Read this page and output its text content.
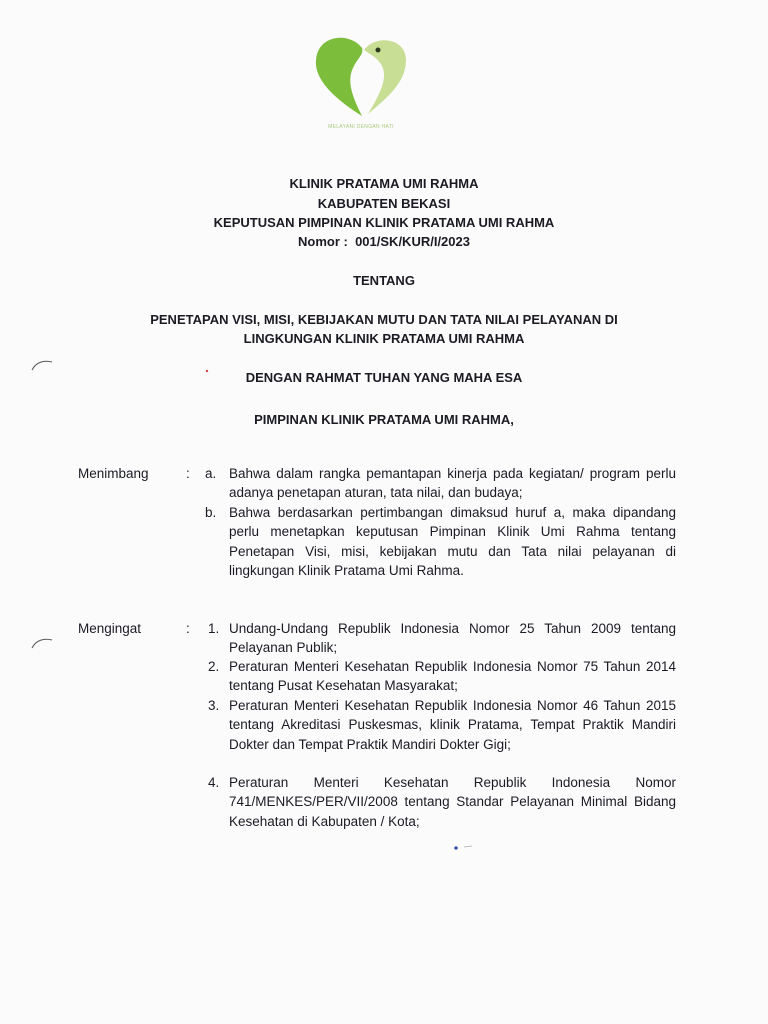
MELAYANI DENGAN HATI
KLINIK PRATAMA UMI RAHMA
KABUPATEN BEKASI
KEPUTUSAN PIMPINAN KLINIK PRATAMA UMI RAHMA
Nomor : 001/SK/KUR/I/2023
TENTANG
PENETAPAN VISI, MISI, KEBIJAKAN MUTU DAN TATA NILAI PELAYANAN DI
LINGKUNGAN KLINIK PRATAMA UMI RAHMA
DENGAN RAHMAT TUHAN YANG MAHA ESA
PIMPINAN KLINIK PRATAMA UMI RAHMA,
Menimbang	: a. Bahwa dalam rangka pemantapan kinerja pada kegiatan/ program perlu adanya penetapan aturan, tata nilai, dan budaya;
b. Bahwa berdasarkan pertimbangan dimaksud huruf a, maka dipandang perlu menetapkan keputusan Pimpinan Klinik Umi Rahma tentang Penetapan Visi, misi, kebijakan mutu dan Tata nilai pelayanan di lingkungan Klinik Pratama Umi Rahma.
Mengingat	: 1. Undang-Undang Republik Indonesia Nomor 25 Tahun 2009 tentang Pelayanan Publik;
2. Peraturan Menteri Kesehatan Republik Indonesia Nomor 75 Tahun 2014 tentang Pusat Kesehatan Masyarakat;
3. Peraturan Menteri Kesehatan Republik Indonesia Nomor 46 Tahun 2015 tentang Akreditasi Puskesmas, klinik Pratama, Tempat Praktik Mandiri Dokter dan Tempat Praktik Mandiri Dokter Gigi;
4. Peraturan Menteri Kesehatan Republik Indonesia Nomor 741/MENKES/PER/VII/2008 tentang Standar Pelayanan Minimal Bidang Kesehatan di Kabupaten / Kota;
